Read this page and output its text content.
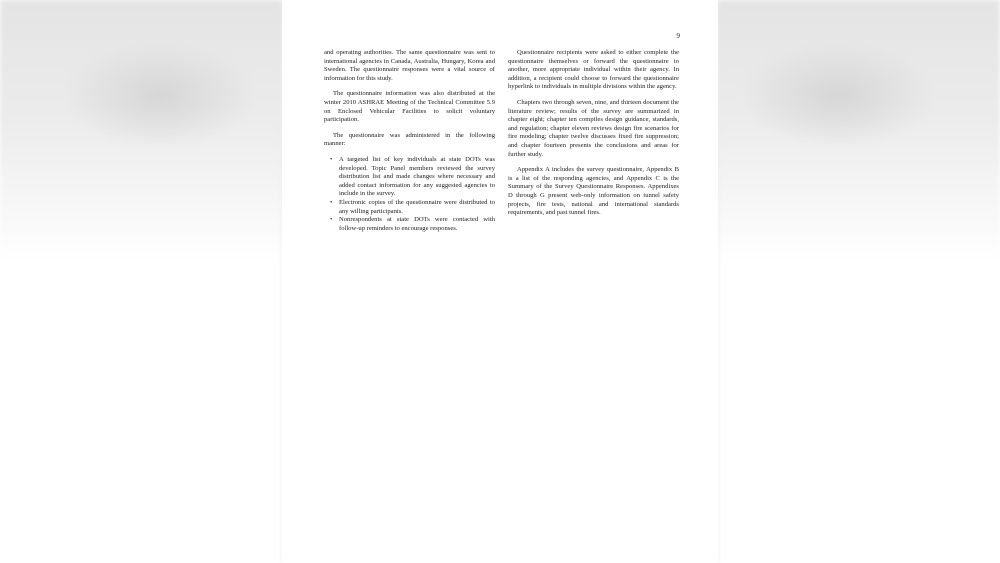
9

and operating authorities. The same questionnaire was sent to international agencies in Canada, Australia, Hungary, Korea and Sweden. The questionnaire responses were a vital source of information for this study.

The questionnaire information was also distributed at the winter 2010 ASHRAE Meeting of the Technical Committee 5.9 on Enclosed Vehicular Facilities to solicit voluntary participation.

The questionnaire was administered in the following manner:

• A targeted list of key individuals at state DOTs was developed. Topic Panel members reviewed the survey distribution list and made changes where necessary and added contact information for any suggested agencies to include in the survey.
• Electronic copies of the questionnaire were distributed to any willing participants.
• Nonrespondents at state DOTs were contacted with follow-up reminders to encourage responses.

Questionnaire recipients were asked to either complete the questionnaire themselves or forward the questionnaire to another, more appropriate individual within their agency. In addition, a recipient could choose to forward the questionnaire hyperlink to individuals in multiple divisions within the agency.

Chapters two through seven, nine, and thirteen document the literature review; results of the survey are summarized in chapter eight; chapter ten compiles design guidance, standards, and regulation; chapter eleven reviews design fire scenarios for fire modeling; chapter twelve discusses fixed fire suppression; and chapter fourteen presents the conclusions and areas for further study.

Appendix A includes the survey questionnaire, Appendix B is a list of the responding agencies, and Appendix C is the Summary of the Survey Questionnaire Responses. Appendixes D through G present web-only information on tunnel safety projects, fire tests, national and international standards requirements, and past tunnel fires.
